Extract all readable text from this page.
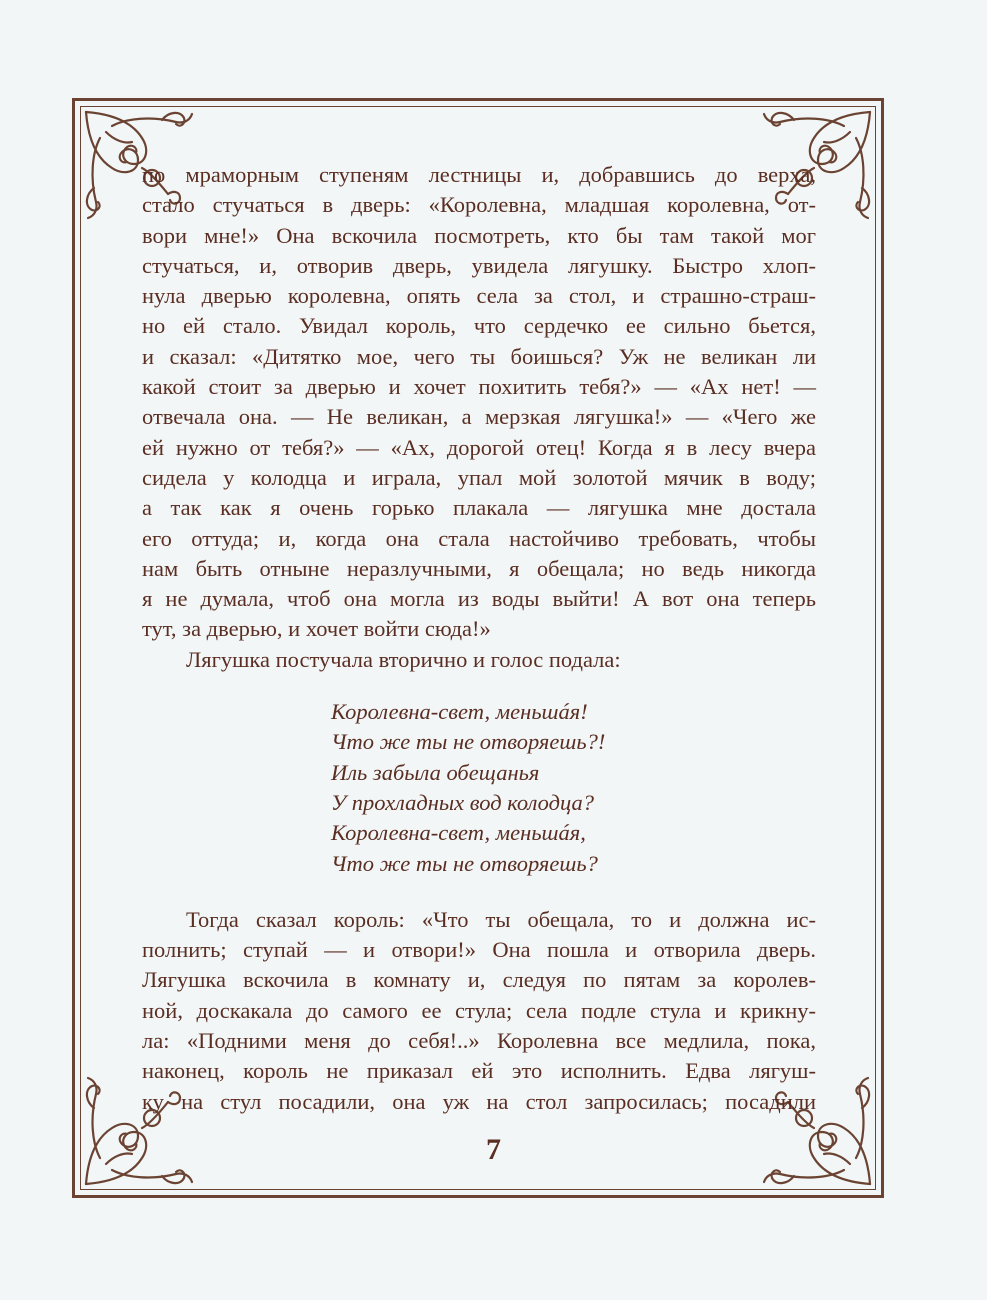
по мраморным ступеням лестницы и, добравшись до верха,

стало стучаться в дверь: «Королевна, младшая королевна, от-

вори мне!» Она вскочила посмотреть, кто бы там такой мог

стучаться, и, отворив дверь, увидела лягушку. Быстро хлоп-

нула дверью королевна, опять села за стол, и страшно-страш-

но ей стало. Увидал король, что сердечко ее сильно бьется,

и сказал: «Дитятко мое, чего ты боишься? Уж не великан ли

какой стоит за дверью и хочет похитить тебя?» — «Ах нет! —

отвечала она. — Не великан, а мерзкая лягушка!» — «Чего же

ей нужно от тебя?» — «Ах, дорогой отец! Когда я в лесу вчера

сидела у колодца и играла, упал мой золотой мячик в воду;

а так как я очень горько плакала — лягушка мне достала

его оттуда; и, когда она стала настойчиво требовать, чтобы

нам быть отныне неразлучными, я обещала; но ведь никогда

я не думала, чтоб она могла из воды выйти! А вот она теперь

тут, за дверью, и хочет войти сюда!»

Лягушка постучала вторично и голос подала:

Королевна-свет, меньшáя!
Что же ты не отворяешь?!
Иль забыла обещанья
У прохладных вод колодца?
Королевна-свет, меньшáя,
Что же ты не отворяешь?

Тогда сказал король: «Что ты обещала, то и должна ис-

полнить; ступай — и отвори!» Она пошла и отворила дверь.

Лягушка вскочила в комнату и, следуя по пятам за королев-

ной, доскакала до самого ее стула; села подле стула и крикну-

ла: «Подними меня до себя!..» Королевна все медлила, пока,

наконец, король не приказал ей это исполнить. Едва лягуш-

ку на стул посадили, она уж на стол запросилась; посадили

7
